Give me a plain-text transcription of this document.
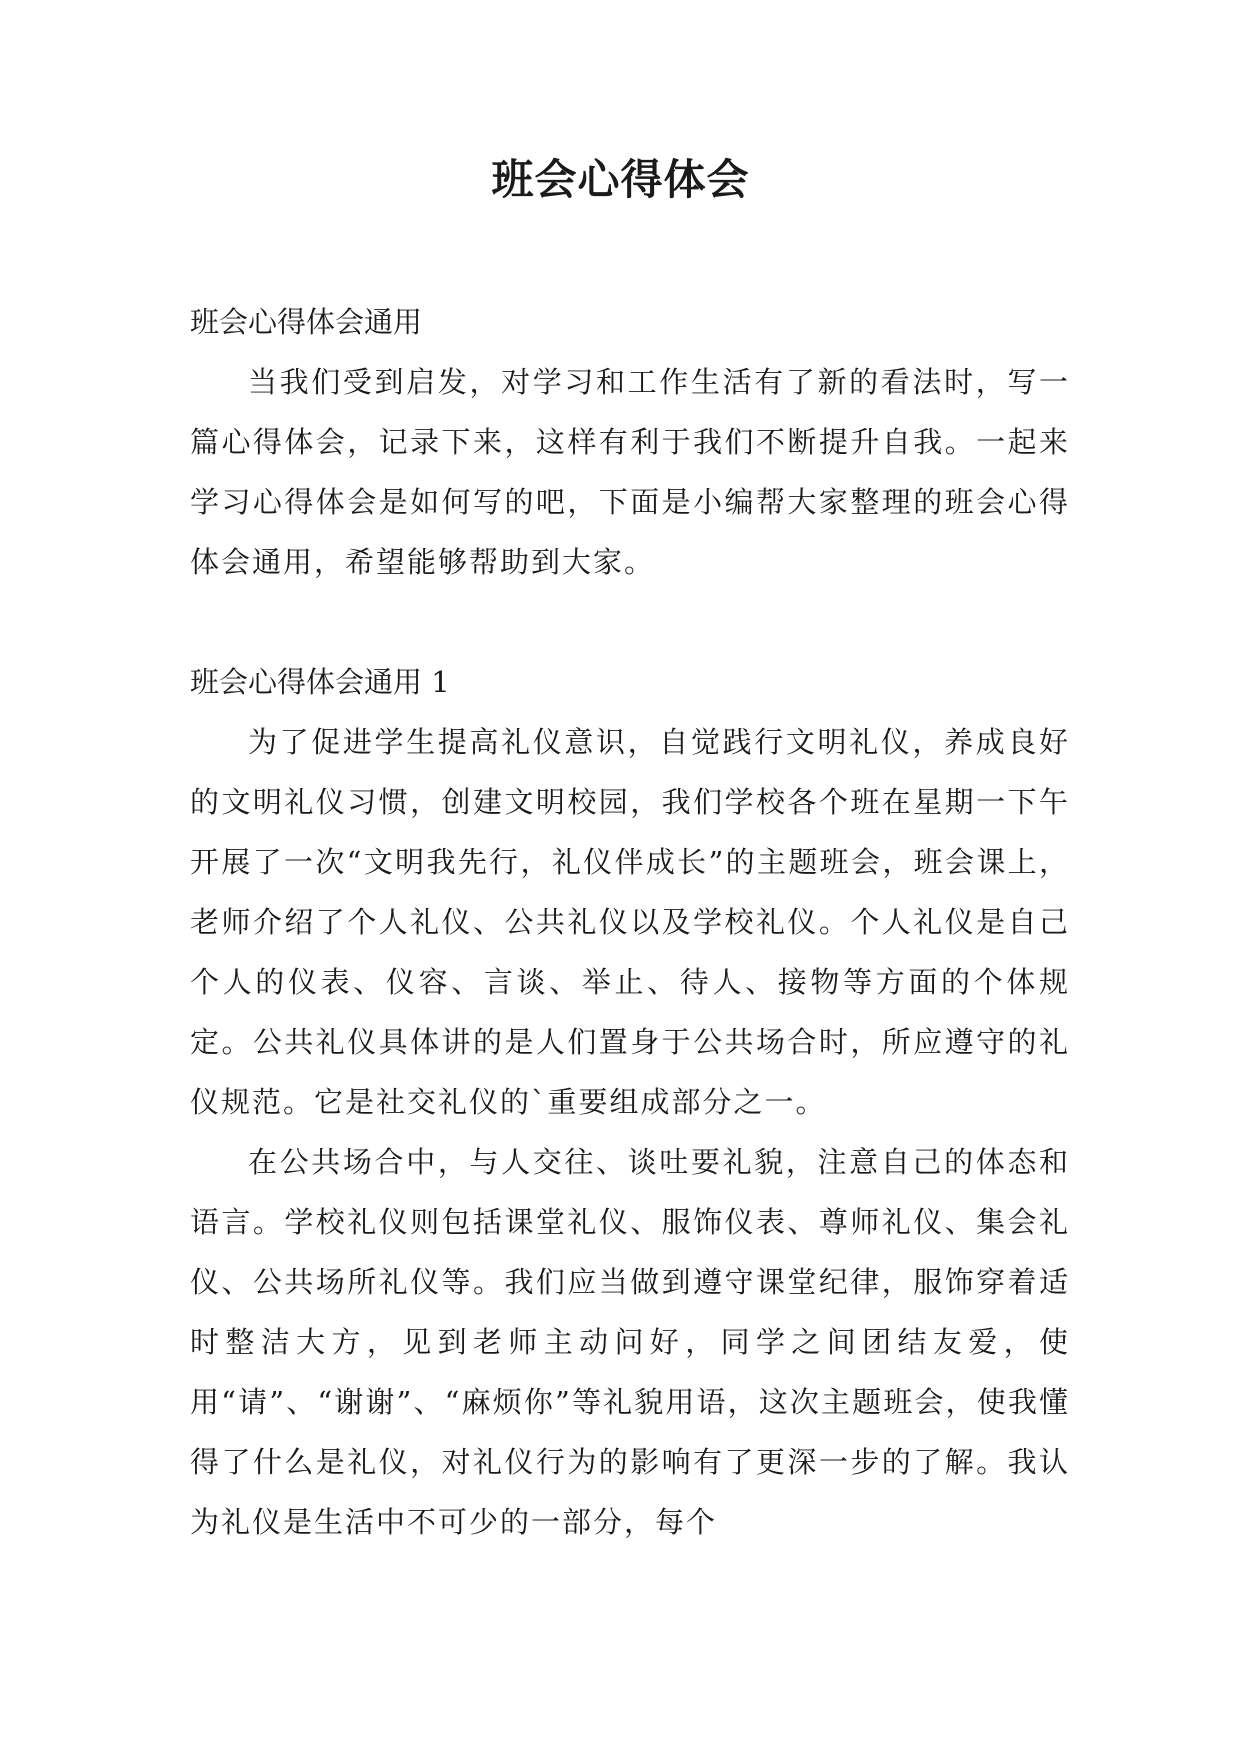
班会心得体会
班会心得体会通用

当我们受到启发，对学习和工作生活有了新的看法时，写一篇心得体会，记录下来，这样有利于我们不断提升自我。一起来学习心得体会是如何写的吧，下面是小编帮大家整理的班会心得体会通用，希望能够帮助到大家。

班会心得体会通用 1

为了促进学生提高礼仪意识，自觉践行文明礼仪，养成良好的文明礼仪习惯，创建文明校园，我们学校各个班在星期一下午开展了一次“文明我先行，礼仪伴成长”的主题班会，班会课上，老师介绍了个人礼仪、公共礼仪以及学校礼仪。个人礼仪是自己个人的仪表、仪容、言谈、举止、待人、接物等方面的个体规定。公共礼仪具体讲的是人们置身于公共场合时，所应遵守的礼仪规范。它是社交礼仪的`重要组成部分之一。

在公共场合中，与人交往、谈吐要礼貌，注意自己的体态和语言。学校礼仪则包括课堂礼仪、服饰仪表、尊师礼仪、集会礼仪、公共场所礼仪等。我们应当做到遵守课堂纪律，服饰穿着适时整洁大方，见到老师主动问好，同学之间团结友爱，使用“请”、“谢谢”、“麻烦你”等礼貌用语，这次主题班会，使我懂得了什么是礼仪，对礼仪行为的影响有了更深一步的了解。我认为礼仪是生活中不可少的一部分，每个
